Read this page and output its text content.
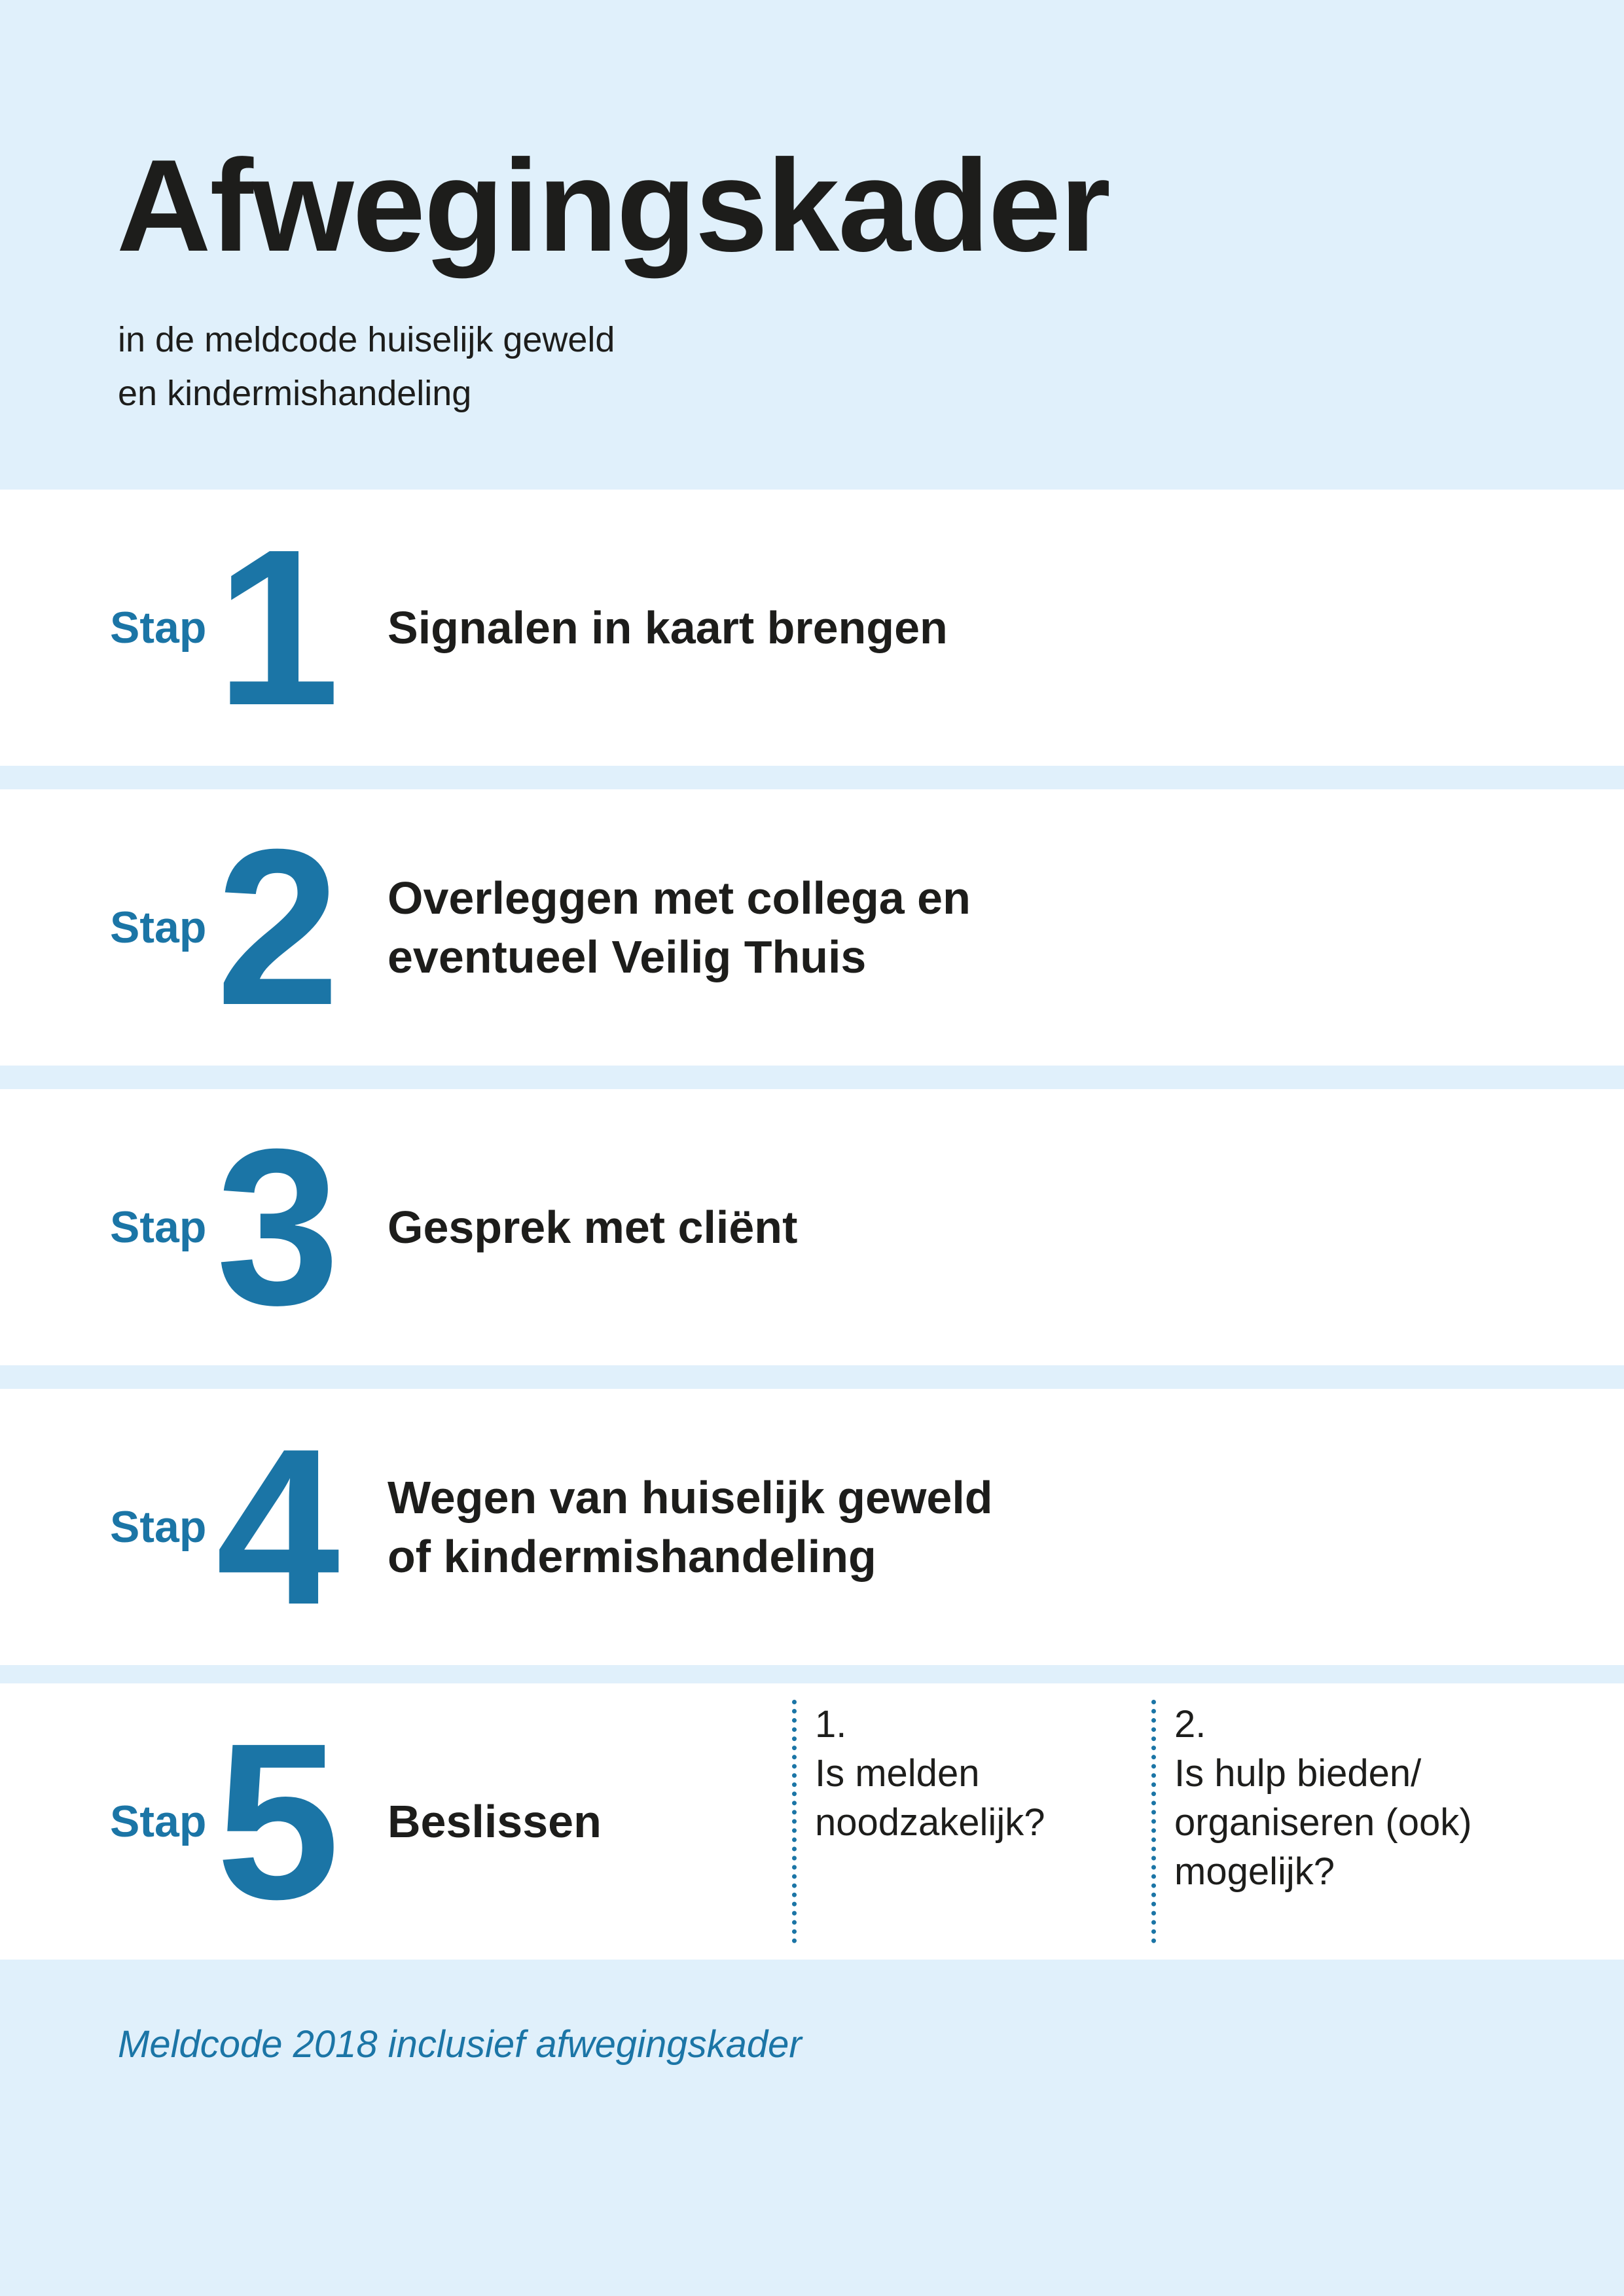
Afwegingskader

in de meldcode huiselijk geweld
en kindermishandeling

Stap 1 Signalen in kaart brengen
Stap 2 Overleggen met collega en
eventueel Veilig Thuis
Stap 3 Gesprek met cliënt
Stap 4 Wegen van huiselijk geweld
of kindermishandeling
Stap 5 Beslissen
1.
Is melden
noodzakelijk?
2.
Is hulp bieden/
organiseren (ook)
mogelijk?

Meldcode 2018 inclusief afwegingskader
